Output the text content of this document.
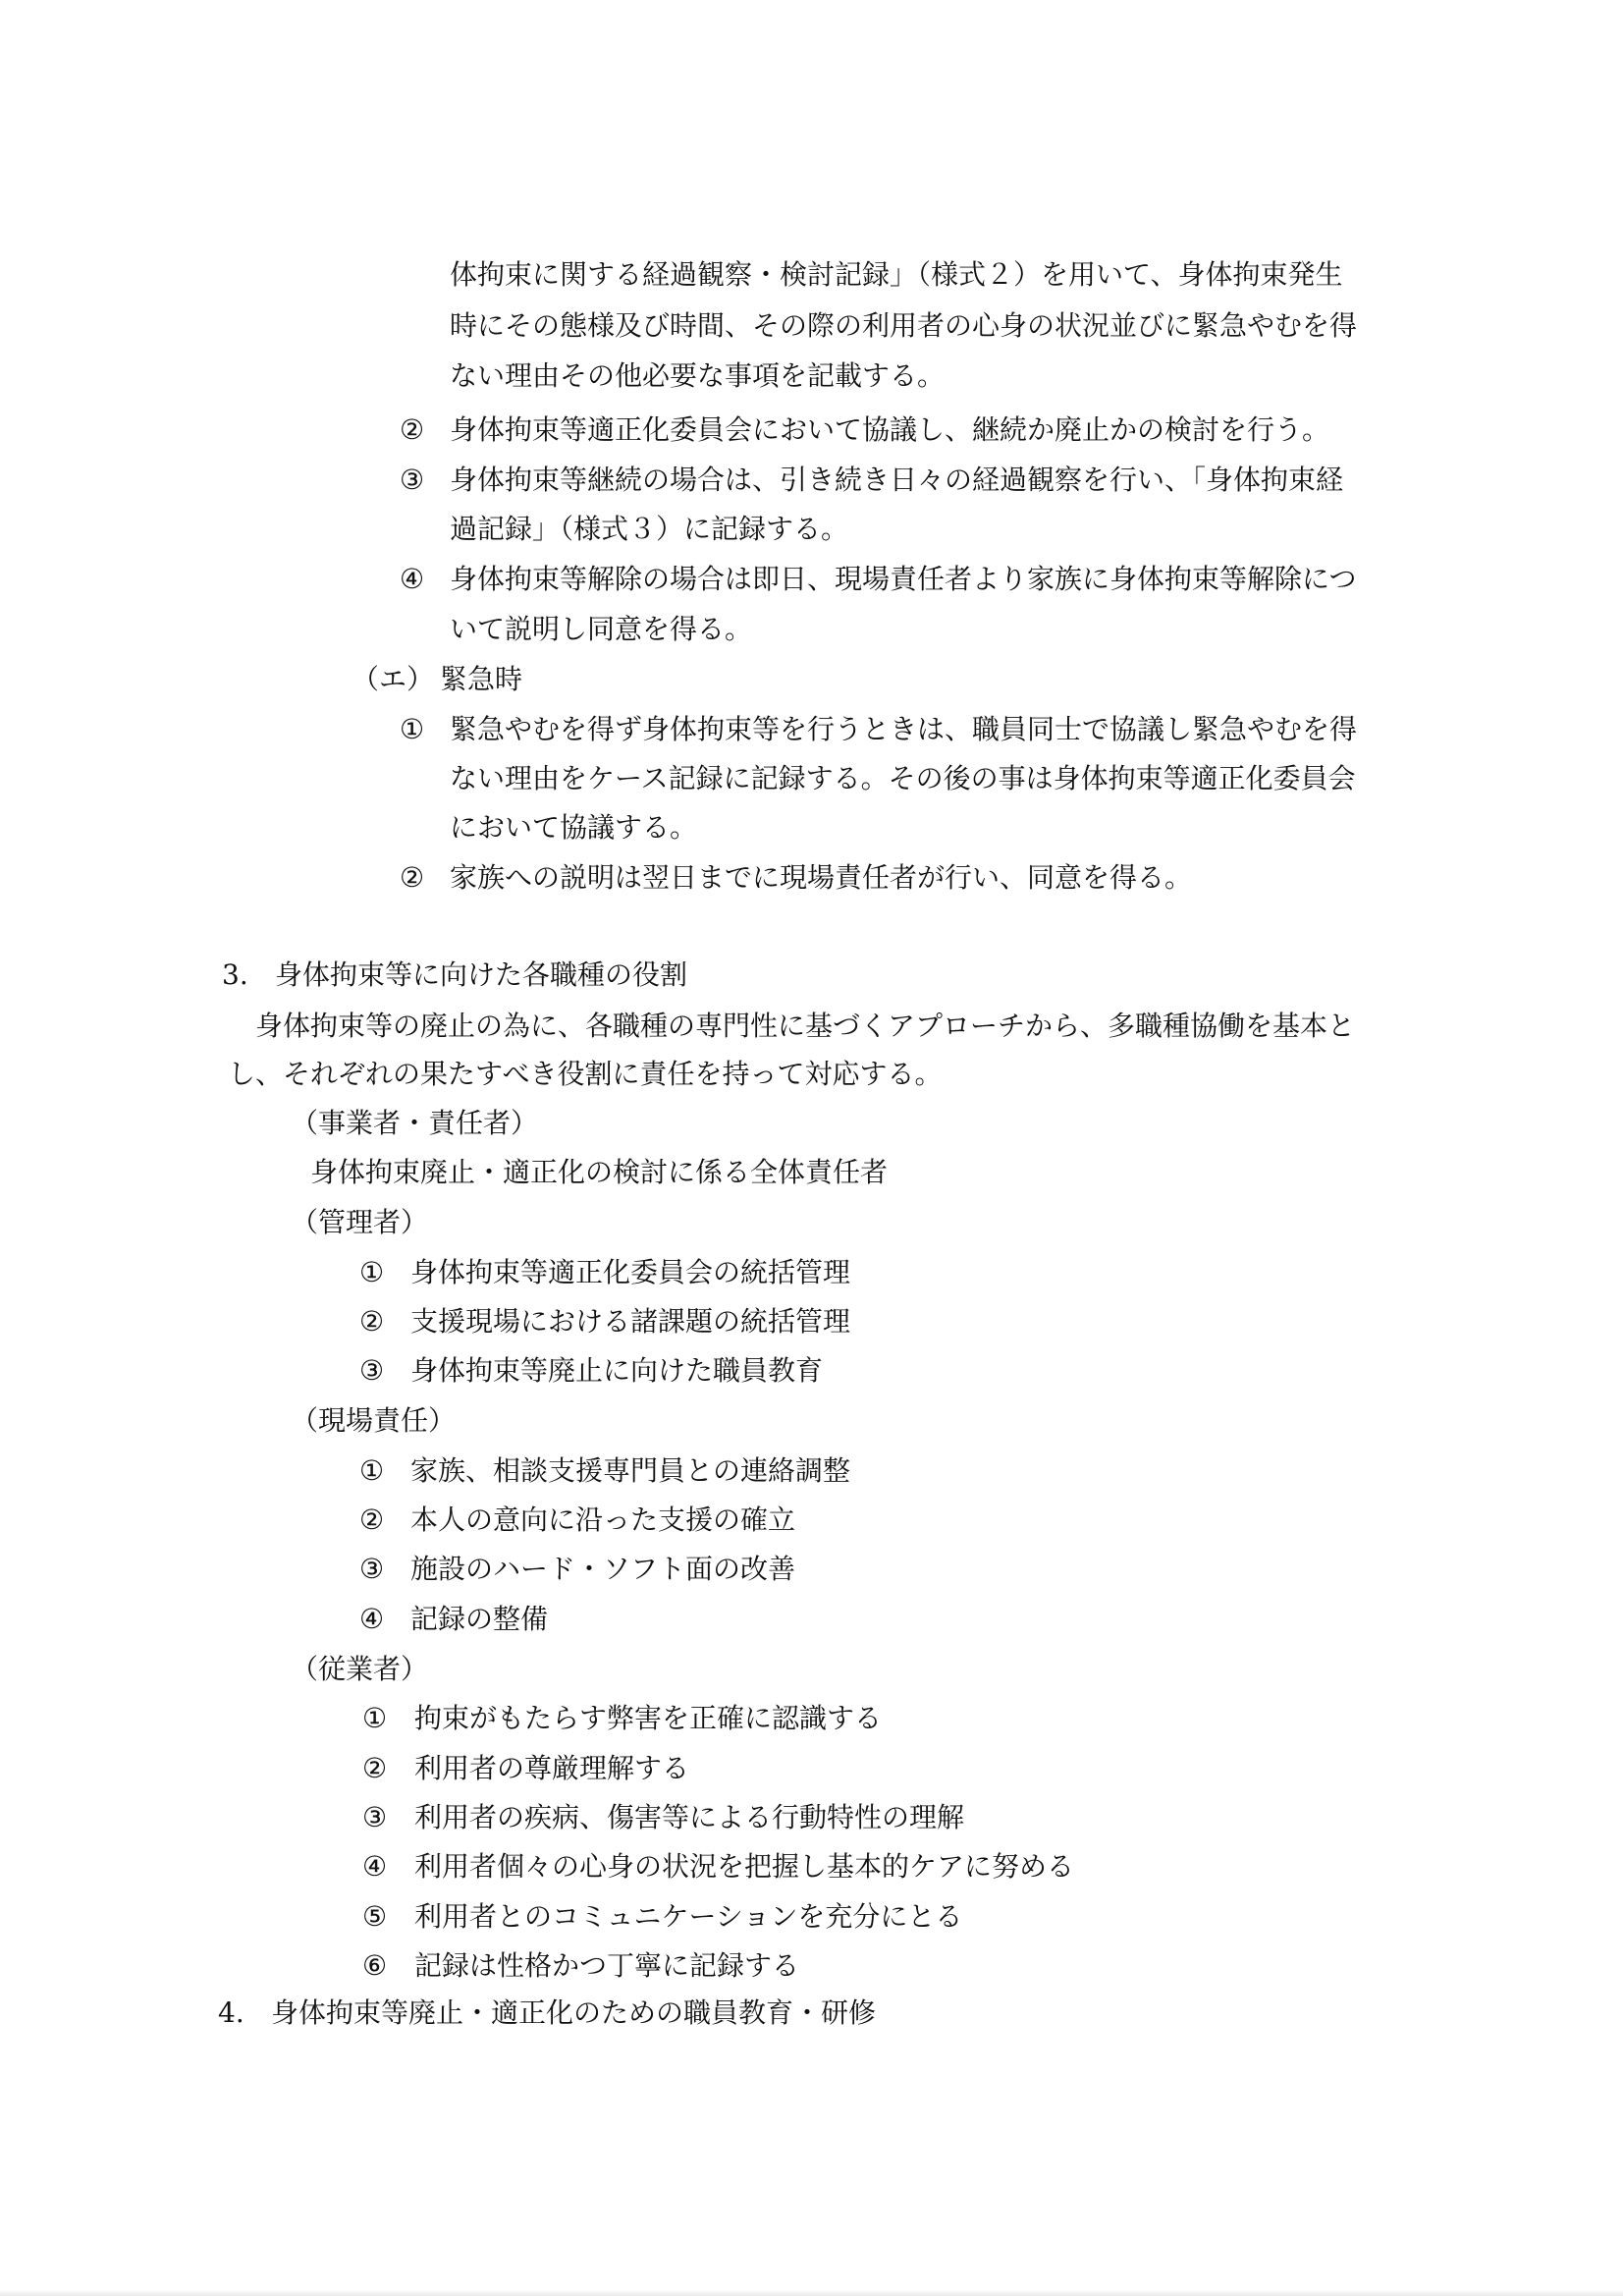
体拘束に関する経過観察・検討記録」（様式２）を用いて、身体拘束発生

時にその態様及び時間、その際の利用者の心身の状況並びに緊急やむを得

ない理由その他必要な事項を記載する。

② 身体拘束等適正化委員会において協議し、継続か廃止かの検討を行う。

③ 身体拘束等継続の場合は、引き続き日々の経過観察を行い、「身体拘束経

過記録」（様式３）に記録する。

④ 身体拘束等解除の場合は即日、現場責任者より家族に身体拘束等解除につ

いて説明し同意を得る。

（エ） 緊急時

① 緊急やむを得ず身体拘束等を行うときは、職員同士で協議し緊急やむを得

ない理由をケース記録に記録する。その後の事は身体拘束等適正化委員会

において協議する。

② 家族への説明は翌日までに現場責任者が行い、同意を得る。

3. 身体拘束等に向けた各職種の役割

身体拘束等の廃止の為に、各職種の専門性に基づくアプローチから、多職種協働を基本と

し、それぞれの果たすべき役割に責任を持って対応する。

（事業者・責任者）

身体拘束廃止・適正化の検討に係る全体責任者

（管理者）

① 身体拘束等適正化委員会の統括管理

② 支援現場における諸課題の統括管理

③ 身体拘束等廃止に向けた職員教育

（現場責任）

① 家族、相談支援専門員との連絡調整

② 本人の意向に沿った支援の確立

③ 施設のハード・ソフト面の改善

④ 記録の整備

（従業者）

① 拘束がもたらす弊害を正確に認識する

② 利用者の尊厳理解する

③ 利用者の疾病、傷害等による行動特性の理解

④ 利用者個々の心身の状況を把握し基本的ケアに努める

⑤ 利用者とのコミュニケーションを充分にとる

⑥ 記録は性格かつ丁寧に記録する

4. 身体拘束等廃止・適正化のための職員教育・研修
